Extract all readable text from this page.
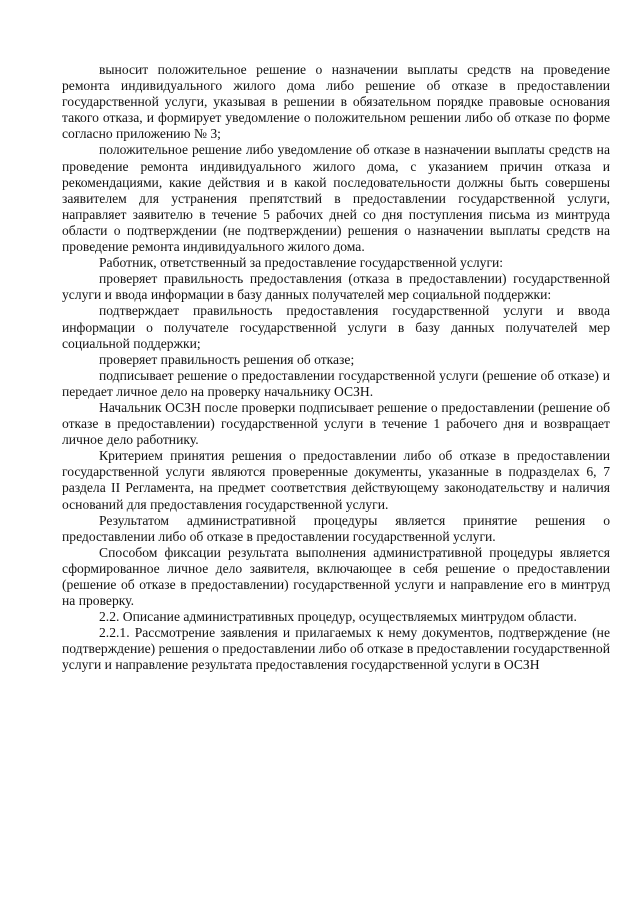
выносит положительное решение о назначении выплаты средств на проведение ремонта индивидуального жилого дома либо решение об отказе в предоставлении государственной услуги, указывая в решении в обязательном порядке правовые основания такого отказа, и формирует уведомление о положительном решении либо об отказе по форме согласно приложению № 3;

положительное решение либо уведомление об отказе в назначении выплаты средств на проведение ремонта индивидуального жилого дома, с указанием причин отказа и рекомендациями, какие действия и в какой последовательности должны быть совершены заявителем для устранения препятствий в предоставлении государственной услуги, направляет заявителю в течение 5 рабочих дней со дня поступления письма из минтруда области о подтверждении (не подтверждении) решения о назначении выплаты средств на проведение ремонта индивидуального жилого дома.

Работник, ответственный за предоставление государственной услуги:

проверяет правильность предоставления (отказа в предоставлении) государственной услуги и ввода информации в базу данных получателей мер социальной поддержки:

подтверждает правильность предоставления государственной услуги и ввода информации о получателе государственной услуги в базу данных получателей мер социальной поддержки;

проверяет правильность решения об отказе;

подписывает решение о предоставлении государственной услуги (решение об отказе) и передает личное дело на проверку начальнику ОСЗН.

Начальник ОСЗН после проверки подписывает решение о предоставлении (решение об отказе в предоставлении) государственной услуги в течение 1 рабочего дня и возвращает личное дело работнику.

Критерием принятия решения о предоставлении либо об отказе в предоставлении государственной услуги являются проверенные документы, указанные в подразделах 6, 7 раздела II Регламента, на предмет соответствия действующему законодательству и наличия оснований для предоставления государственной услуги.

Результатом административной процедуры является принятие решения о предоставлении либо об отказе в предоставлении государственной услуги.

Способом фиксации результата выполнения административной процедуры является сформированное личное дело заявителя, включающее в себя решение о предоставлении (решение об отказе в предоставлении) государственной услуги и направление его в минтруд на проверку.

2.2. Описание административных процедур, осуществляемых минтрудом области.

2.2.1. Рассмотрение заявления и прилагаемых к нему документов, подтверждение (не подтверждение) решения о предоставлении либо об отказе в предоставлении государственной услуги и направление результата предоставления государственной услуги в ОСЗН
